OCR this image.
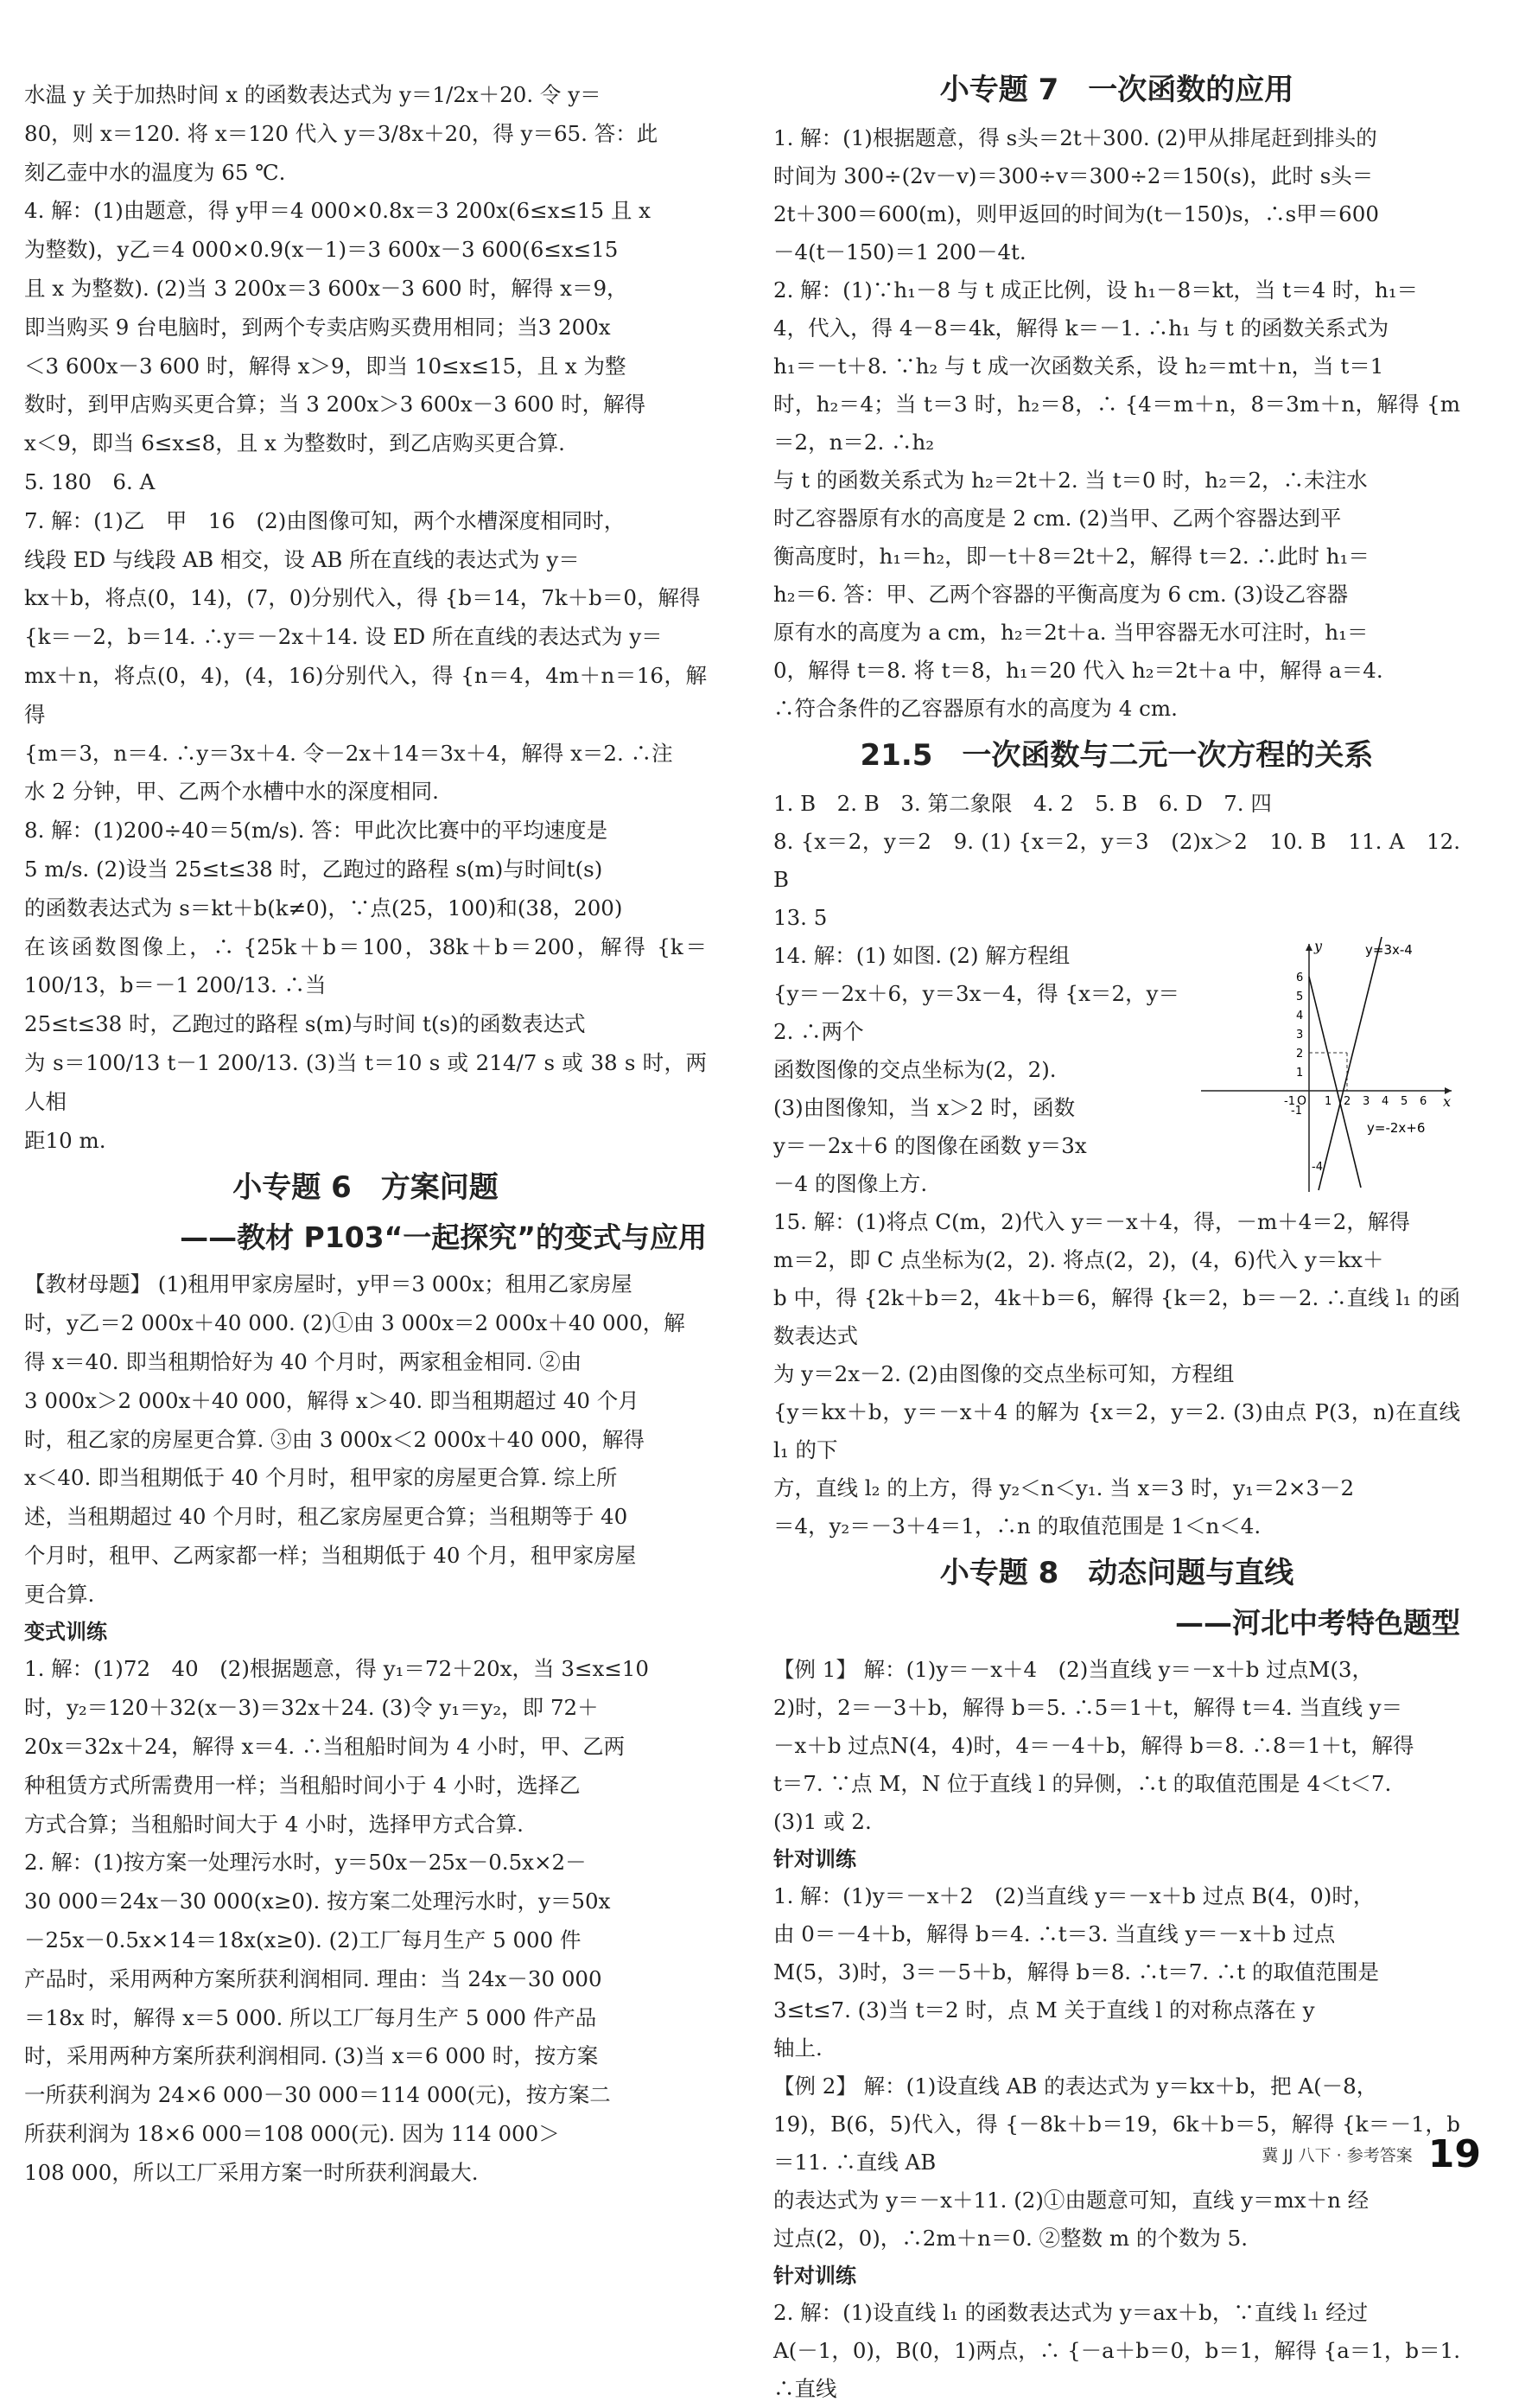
水温 y 关于加热时间 x 的函数表达式为 y＝1/2x＋20. 令 y＝

80，则 x＝120. 将 x＝120 代入 y＝3/8x＋20，得 y＝65. 答：此

刻乙壶中水的温度为 65 ℃.

4. 解：(1)由题意，得 y甲＝4 000×0.8x＝3 200x(6≤x≤15 且 x

为整数)，y乙＝4 000×0.9(x－1)＝3 600x－3 600(6≤x≤15

且 x 为整数). (2)当 3 200x＝3 600x－3 600 时，解得 x＝9，

即当购买 9 台电脑时，到两个专卖店购买费用相同；当3 200x

＜3 600x－3 600 时，解得 x＞9，即当 10≤x≤15，且 x 为整

数时，到甲店购买更合算；当 3 200x＞3 600x－3 600 时，解得

x＜9，即当 6≤x≤8，且 x 为整数时，到乙店购买更合算.

5. 180　6. A

7. 解：(1)乙　甲　16　(2)由图像可知，两个水槽深度相同时，

线段 ED 与线段 AB 相交，设 AB 所在直线的表达式为 y＝

kx＋b，将点(0，14)，(7，0)分别代入，得 {b＝14，7k＋b＝0，解得

{k＝－2，b＝14. ∴y＝－2x＋14. 设 ED 所在直线的表达式为 y＝

mx＋n，将点(0，4)，(4，16)分别代入，得 {n＝4，4m＋n＝16，解得

{m＝3，n＝4. ∴y＝3x＋4. 令－2x＋14＝3x＋4，解得 x＝2. ∴注

水 2 分钟，甲、乙两个水槽中水的深度相同.

8. 解：(1)200÷40＝5(m/s). 答：甲此次比赛中的平均速度是

5 m/s. (2)设当 25≤t≤38 时，乙跑过的路程 s(m)与时间t(s)

的函数表达式为 s＝kt＋b(k≠0)，∵点(25，100)和(38，200)

在该函数图像上，∴ {25k＋b＝100，38k＋b＝200，解得 {k＝100/13，b＝－1 200/13. ∴当

25≤t≤38 时，乙跑过的路程 s(m)与时间 t(s)的函数表达式

为 s＝100/13 t－1 200/13. (3)当 t＝10 s 或 214/7 s 或 38 s 时，两人相

距10 m.

小专题 6　方案问题
——教材 P103“一起探究”的变式与应用

【教材母题】 (1)租用甲家房屋时，y甲＝3 000x；租用乙家房屋

时，y乙＝2 000x＋40 000. (2)①由 3 000x＝2 000x＋40 000，解

得 x＝40. 即当租期恰好为 40 个月时，两家租金相同. ②由

3 000x＞2 000x＋40 000，解得 x＞40. 即当租期超过 40 个月

时，租乙家的房屋更合算. ③由 3 000x＜2 000x＋40 000，解得

x＜40. 即当租期低于 40 个月时，租甲家的房屋更合算. 综上所

述，当租期超过 40 个月时，租乙家房屋更合算；当租期等于 40

个月时，租甲、乙两家都一样；当租期低于 40 个月，租甲家房屋

更合算.

变式训练

1. 解：(1)72　40　(2)根据题意，得 y₁＝72＋20x，当 3≤x≤10

时，y₂＝120＋32(x－3)＝32x＋24. (3)令 y₁＝y₂，即 72＋

20x＝32x＋24，解得 x＝4. ∴当租船时间为 4 小时，甲、乙两

种租赁方式所需费用一样；当租船时间小于 4 小时，选择乙

方式合算；当租船时间大于 4 小时，选择甲方式合算.

2. 解：(1)按方案一处理污水时，y＝50x－25x－0.5x×2－

30 000＝24x－30 000(x≥0). 按方案二处理污水时，y＝50x

－25x－0.5x×14＝18x(x≥0). (2)工厂每月生产 5 000 件

产品时，采用两种方案所获利润相同. 理由：当 24x－30 000

＝18x 时，解得 x＝5 000. 所以工厂每月生产 5 000 件产品

时，采用两种方案所获利润相同. (3)当 x＝6 000 时，按方案

一所获利润为 24×6 000－30 000＝114 000(元)，按方案二

所获利润为 18×6 000＝108 000(元). 因为 114 000＞

108 000，所以工厂采用方案一时所获利润最大.

小专题 7　一次函数的应用

1. 解：(1)根据题意，得 s头＝2t＋300. (2)甲从排尾赶到排头的

时间为 300÷(2v－v)＝300÷v＝300÷2＝150(s)，此时 s头＝

2t＋300＝600(m)，则甲返回的时间为(t－150)s，∴s甲＝600

－4(t－150)＝1 200－4t.

2. 解：(1)∵h₁－8 与 t 成正比例，设 h₁－8＝kt，当 t＝4 时，h₁＝

4，代入，得 4－8＝4k，解得 k＝－1. ∴h₁ 与 t 的函数关系式为

h₁＝－t＋8. ∵h₂ 与 t 成一次函数关系，设 h₂＝mt＋n，当 t＝1

时，h₂＝4；当 t＝3 时，h₂＝8，∴ {4＝m＋n，8＝3m＋n，解得 {m＝2，n＝2. ∴h₂

与 t 的函数关系式为 h₂＝2t＋2. 当 t＝0 时，h₂＝2，∴未注水

时乙容器原有水的高度是 2 cm. (2)当甲、乙两个容器达到平

衡高度时，h₁＝h₂，即－t＋8＝2t＋2，解得 t＝2. ∴此时 h₁＝

h₂＝6. 答：甲、乙两个容器的平衡高度为 6 cm. (3)设乙容器

原有水的高度为 a cm，h₂＝2t＋a. 当甲容器无水可注时，h₁＝

0，解得 t＝8. 将 t＝8，h₁＝20 代入 h₂＝2t＋a 中，解得 a＝4.

∴符合条件的乙容器原有水的高度为 4 cm.

21.5　一次函数与二元一次方程的关系

1. B　2. B　3. 第二象限　4. 2　5. B　6. D　7. 四

8. {x＝2，y＝2　9. (1) {x＝2，y＝3　(2)x＞2　10. B　11. A　12. B

13. 5

14. 解：(1) 如图. (2) 解方程组

{y＝－2x＋6，y＝3x－4，得 {x＝2，y＝2. ∴两个

函数图像的交点坐标为(2，2).

(3)由图像知，当 x＞2 时，函数

y＝－2x＋6 的图像在函数 y＝3x

－4 的图像上方.

y=3x-4
y=-2x+6
y
x
O
-1	1 2 3 4 5 6
6
5
4
3
2
1
-1
-4

15. 解：(1)将点 C(m，2)代入 y＝－x＋4，得，－m＋4＝2，解得

m＝2，即 C 点坐标为(2，2). 将点(2，2)，(4，6)代入 y＝kx＋

b 中，得 {2k＋b＝2，4k＋b＝6，解得 {k＝2，b＝－2. ∴直线 l₁ 的函数表达式

为 y＝2x－2. (2)由图像的交点坐标可知，方程组

{y＝kx＋b，y＝－x＋4 的解为 {x＝2，y＝2. (3)由点 P(3，n)在直线 l₁ 的下

方，直线 l₂ 的上方，得 y₂＜n＜y₁. 当 x＝3 时，y₁＝2×3－2

＝4，y₂＝－3＋4＝1，∴n 的取值范围是 1＜n＜4.

小专题 8　动态问题与直线
——河北中考特色题型

【例 1】 解：(1)y＝－x＋4　(2)当直线 y＝－x＋b 过点M(3，

2)时，2＝－3＋b，解得 b＝5. ∴5＝1＋t，解得 t＝4. 当直线 y＝

－x＋b 过点N(4，4)时，4＝－4＋b，解得 b＝8. ∴8＝1＋t，解得

t＝7. ∵点 M，N 位于直线 l 的异侧，∴t 的取值范围是 4＜t＜7.

(3)1 或 2.

针对训练

1. 解：(1)y＝－x＋2　(2)当直线 y＝－x＋b 过点 B(4，0)时，

由 0＝－4＋b，解得 b＝4. ∴t＝3. 当直线 y＝－x＋b 过点

M(5，3)时，3＝－5＋b，解得 b＝8. ∴t＝7. ∴t 的取值范围是

3≤t≤7. (3)当 t＝2 时，点 M 关于直线 l 的对称点落在 y

轴上.

【例 2】 解：(1)设直线 AB 的表达式为 y＝kx＋b，把 A(－8，

19)，B(6，5)代入，得 {－8k＋b＝19，6k＋b＝5，解得 {k＝－1，b＝11. ∴直线 AB

的表达式为 y＝－x＋11. (2)①由题意可知，直线 y＝mx＋n 经

过点(2，0)，∴2m＋n＝0. ②整数 m 的个数为 5.

针对训练

2. 解：(1)设直线 l₁ 的函数表达式为 y＝ax＋b，∵直线 l₁ 经过

A(－1，0)，B(0，1)两点，∴ {－a＋b＝0，b＝1，解得 {a＝1，b＝1. ∴直线

冀 JJ 八下 · 参考答案 19
